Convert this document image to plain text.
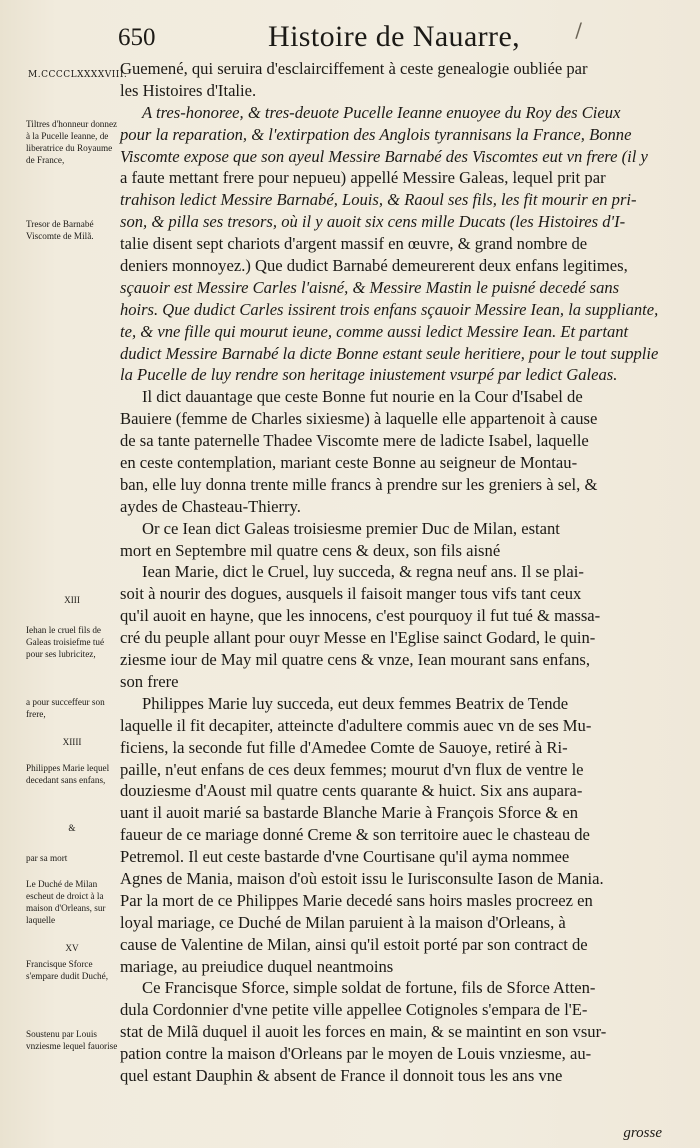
650	Histoire de Nauarre,	/
M.CCCCLXXXXVIII.
Tiltres d'honneur donnez à la Pucelle Ieanne, de liberatrice du Royaume de France,
Tresor de Barnabé Viscomte de Milã.
XIII
Iehan le cruel fils de Galeas troisiefme tué pour ses lubricitez,
a pour succeffeur son frere,
XIIII
Philippes Marie lequel decedant sans enfans,
&
par sa mort
Le Duché de Milan escheut de droict à la maison d'Orleans, sur laquelle
XV
Francisque Sforce s'empare dudit Duché,
Soustenu par Louis vnziesme lequel fauorise
Guemené, qui seruira d'esclairciffement à ceste genealogie oubliée par
les Histoires d'Italie.
A tres-honoree, & tres-deuote Pucelle Ieanne enuoyee du Roy des Cieux
pour la reparation, & l'extirpation des Anglois tyrannisans la France, Bonne
Viscomte expose que son ayeul Messire Barnabé des Viscomtes eut vn frere (il y
a faute mettant frere pour nepueu) appellé Messire Galeas, lequel prit par
trahison ledict Messire Barnabé, Louis, & Raoul ses fils, les fit mourir en pri-
son, & pilla ses tresors, où il y auoit six cens mille Ducats (les Histoires d'I-
talie disent sept chariots d'argent massif en œuvre, & grand nombre de
deniers monnoyez.) Que dudict Barnabé demeurerent deux enfans legitimes,
sçauoir est Messire Carles l'aisné, & Messire Mastin le puisné decedé sans
hoirs. Que dudict Carles issirent trois enfans sçauoir Messire Iean, la suppliante,
te, & vne fille qui mourut ieune, comme aussi ledict Messire Iean. Et partant
dudict Messire Barnabé la dicte Bonne estant seule heritiere, pour le tout supplie
la Pucelle de luy rendre son heritage iniustement vsurpé par ledict Galeas.
Il dict dauantage que ceste Bonne fut nourie en la Cour d'Isabel de
Bauiere (femme de Charles sixiesme) à laquelle elle appartenoit à cause
de sa tante paternelle Thadee Viscomte mere de ladicte Isabel, laquelle
en ceste contemplation, mariant ceste Bonne au seigneur de Montau-
ban, elle luy donna trente mille francs à prendre sur les greniers à sel, &
aydes de Chasteau-Thierry.
Or ce Iean dict Galeas troisiesme premier Duc de Milan, estant
mort en Septembre mil quatre cens & deux, son fils aisné
Iean Marie, dict le Cruel, luy succeda, & regna neuf ans. Il se plai-
soit à nourir des dogues, ausquels il faisoit manger tous vifs tant ceux
qu'il auoit en hayne, que les innocens, c'est pourquoy il fut tué & massa-
cré du peuple allant pour ouyr Messe en l'Eglise sainct Godard, le quin-
ziesme iour de May mil quatre cens & vnze, Iean mourant sans enfans,
son frere
Philippes Marie luy succeda, eut deux femmes Beatrix de Tende
laquelle il fit decapiter, atteincte d'adultere commis auec vn de ses Mu-
ficiens, la seconde fut fille d'Amedee Comte de Sauoye, retiré à Ri-
paille, n'eut enfans de ces deux femmes; mourut d'vn flux de ventre le
douziesme d'Aoust mil quatre cents quarante & huict. Six ans aupara-
uant il auoit marié sa bastarde Blanche Marie à François Sforce & en
faueur de ce mariage donné Creme & son territoire auec le chasteau de
Petremol. Il eut ceste bastarde d'vne Courtisane qu'il ayma nommee
Agnes de Mania, maison d'où estoit issu le Iurisconsulte Iason de Mania.
Par la mort de ce Philippes Marie decedé sans hoirs masles procreez en
loyal mariage, ce Duché de Milan paruient à la maison d'Orleans, à
cause de Valentine de Milan, ainsi qu'il estoit porté par son contract de
mariage, au preiudice duquel neantmoins
Ce Francisque Sforce, simple soldat de fortune, fils de Sforce Atten-
dula Cordonnier d'vne petite ville appellee Cotignoles s'empara de l'E-
stat de Milã duquel il auoit les forces en main, & se maintint en son vsur-
pation contre la maison d'Orleans par le moyen de Louis vnziesme, au-
quel estant Dauphin & absent de France il donnoit tous les ans vne
grosse
